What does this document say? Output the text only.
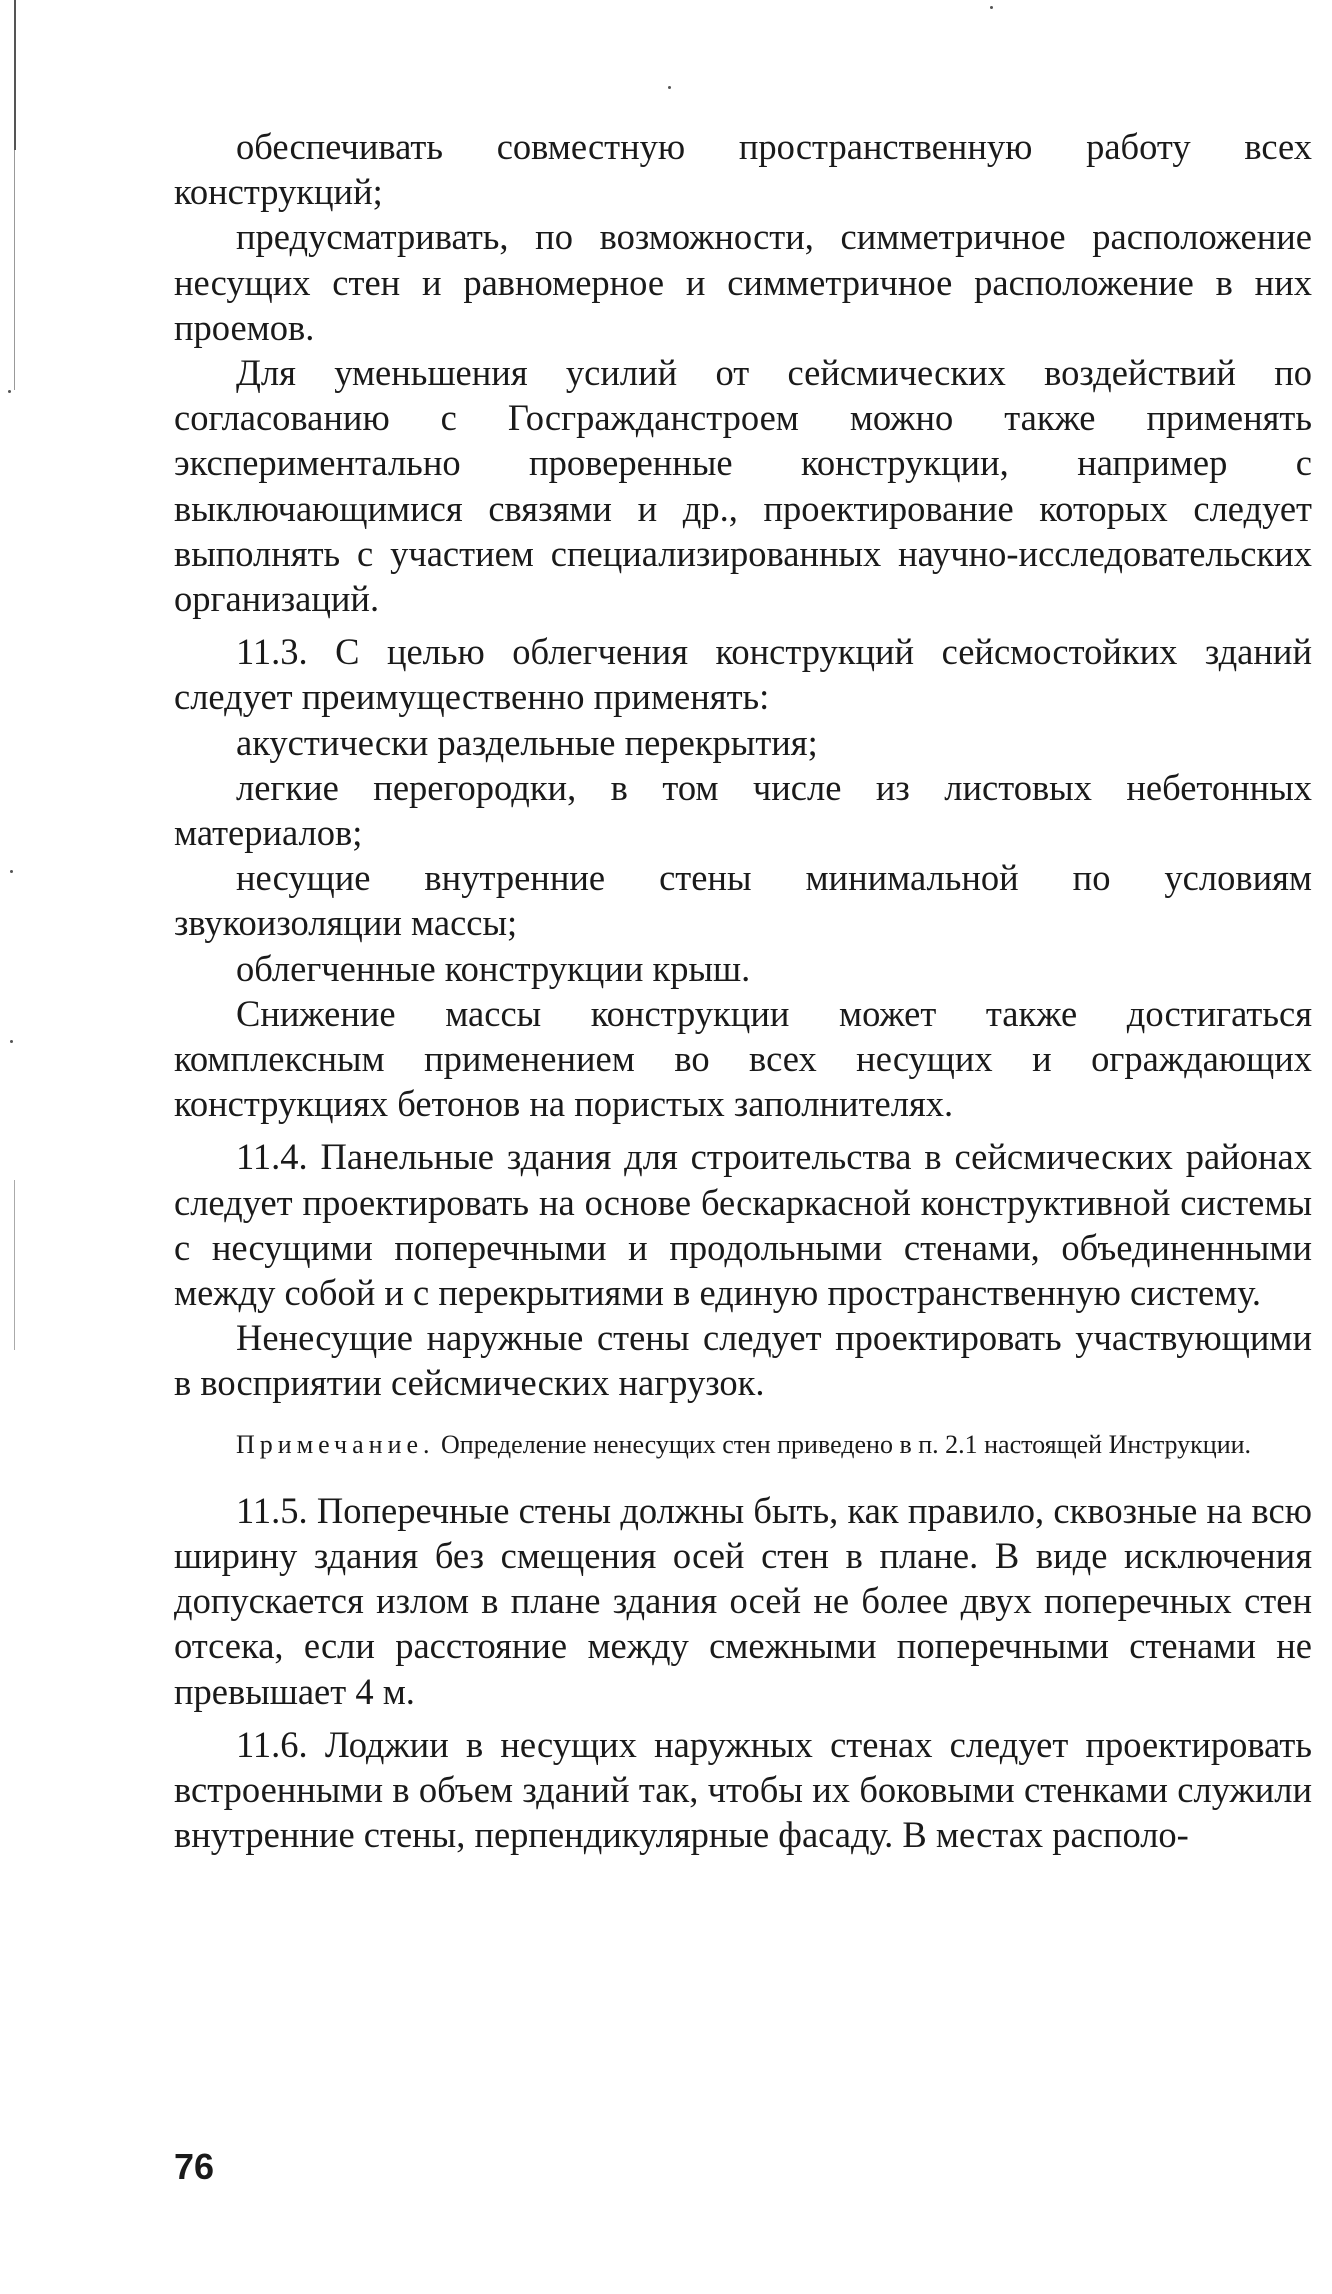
обеспечивать совместную пространственную работу всех конструкций;

предусматривать, по возможности, симметричное расположение несущих стен и равномерное и симметричное расположение в них проемов.

Для уменьшения усилий от сейсмических воздействий по согласованию с Госгражданстроем можно также применять экспериментально проверенные конструкции, например с выключающимися связями и др., проектирование которых следует выполнять с участием специализированных научно-исследовательских организаций.

11.3. С целью облегчения конструкций сейсмостойких зданий следует преимущественно применять:

акустически раздельные перекрытия;

легкие перегородки, в том числе из листовых небетонных материалов;

несущие внутренние стены минимальной по условиям звукоизоляции массы;

облегченные конструкции крыш.

Снижение массы конструкции может также достигаться комплексным применением во всех несущих и ограждающих конструкциях бетонов на пористых заполнителях.

11.4. Панельные здания для строительства в сейсмических районах следует проектировать на основе бескаркасной конструктивной системы с несущими поперечными и продольными стенами, объединенными между собой и с перекрытиями в единую пространственную систему.

Ненесущие наружные стены следует проектировать участвующими в восприятии сейсмических нагрузок.

Примечание. Определение ненесущих стен приведено в п. 2.1 настоящей Инструкции.

11.5. Поперечные стены должны быть, как правило, сквозные на всю ширину здания без смещения осей стен в плане. В виде исключения допускается излом в плане здания осей не более двух поперечных стен отсека, если расстояние между смежными поперечными стенами не превышает 4 м.

11.6. Лоджии в несущих наружных стенах следует проектировать встроенными в объем зданий так, чтобы их боковыми стенками служили внутренние стены, перпендикулярные фасаду. В местах располо-

76
